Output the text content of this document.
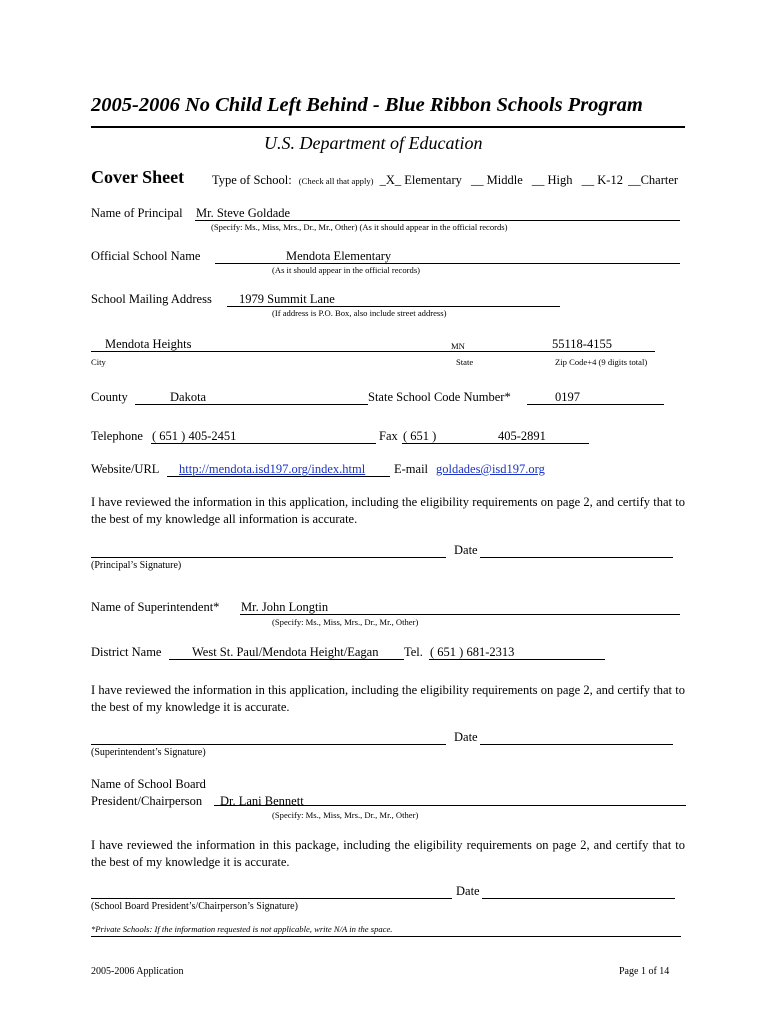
2005-2006 No Child Left Behind - Blue Ribbon Schools Program
U.S. Department of Education
Cover Sheet Type of School: (Check all that apply) _X_ Elementary __ Middle __ High __ K-12 __Charter
Name of Principal Mr. Steve Goldade
(Specify: Ms., Miss, Mrs., Dr., Mr., Other) (As it should appear in the official records)
Official School Name	Mendota Elementary
(As it should appear in the official records)
School Mailing Address 1979 Summit Lane
(If address is P.O. Box, also include street address)
Mendota Heights	MN	55118-4155
City	State	Zip Code+4 (9 digits total)
County	Dakota	State School Code Number*	0197
Telephone ( 651 ) 405-2451	Fax ( 651 )	405-2891
Website/URL http://mendota.isd197.org/index.html E-mail goldades@isd197.org
I have reviewed the information in this application, including the eligibility requirements on page 2, and certify that to the best of my knowledge all information is accurate.
Date
(Principal’s Signature)
Name of Superintendent* Mr. John Longtin
(Specify: Ms., Miss, Mrs., Dr., Mr., Other)
District Name West St. Paul/Mendota Height/Eagan Tel. ( 651 ) 681-2313
I have reviewed the information in this application, including the eligibility requirements on page 2, and certify that to the best of my knowledge it is accurate.
Date
(Superintendent’s Signature)
Name of School Board
President/Chairperson Dr. Lani Bennett
(Specify: Ms., Miss, Mrs., Dr., Mr., Other)
I have reviewed the information in this package, including the eligibility requirements on page 2, and certify that to the best of my knowledge it is accurate.
Date
(School Board President’s/Chairperson’s Signature)
*Private Schools: If the information requested is not applicable, write N/A in the space.
2005-2006 Application	Page 1 of 14
